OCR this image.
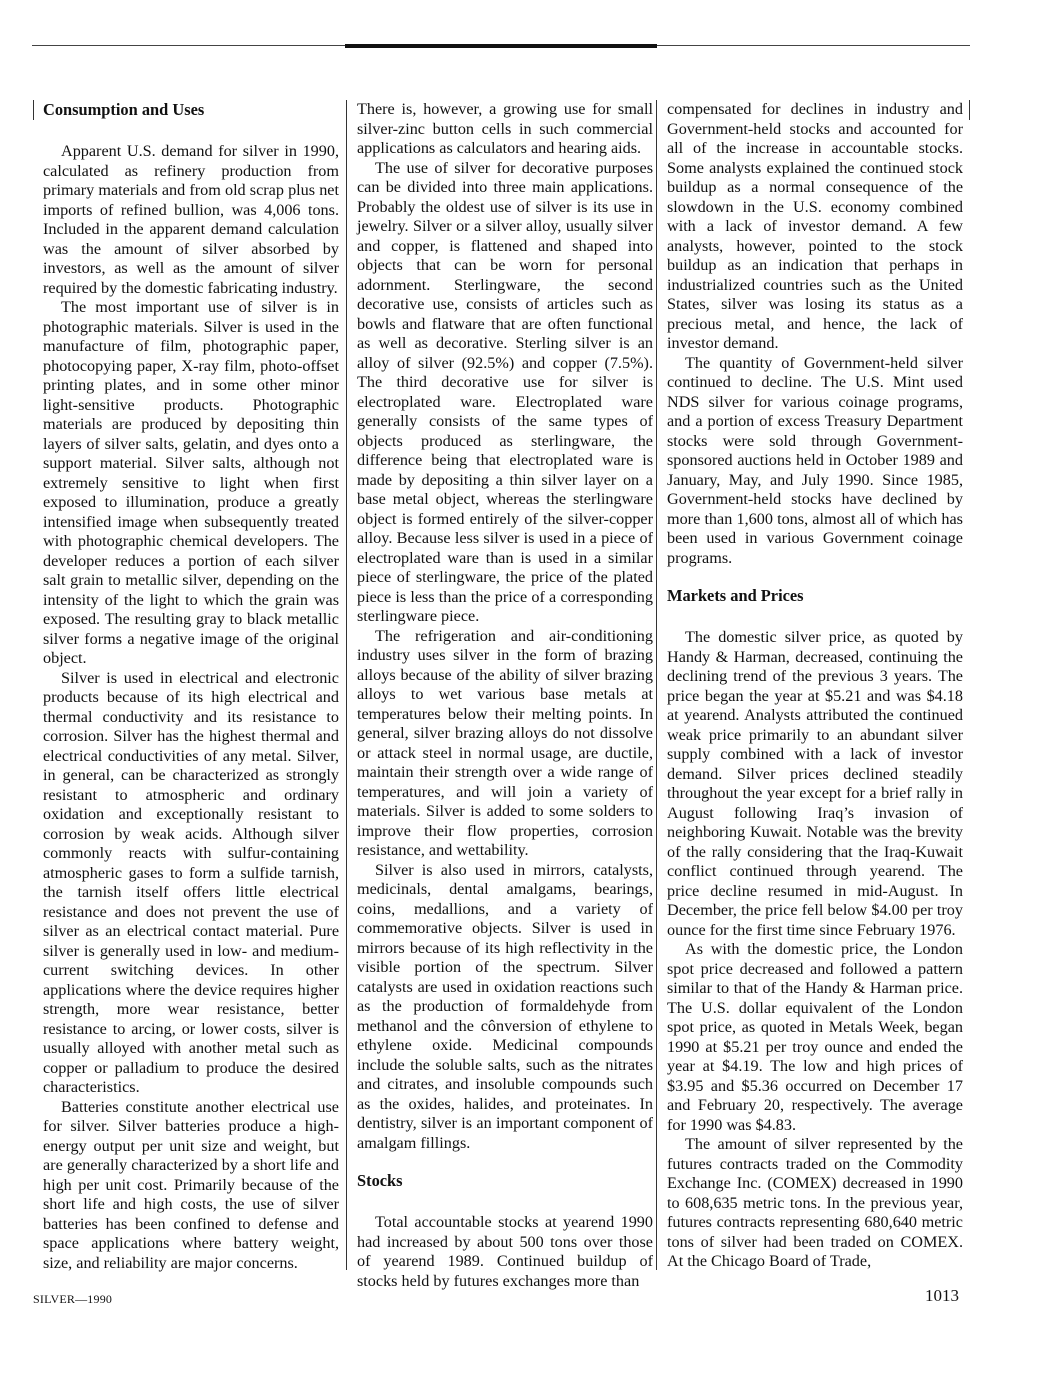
Consumption and Uses

Apparent U.S. demand for silver in 1990, calculated as refinery production from primary materials and from old scrap plus net imports of refined bullion, was 4,006 tons. Included in the apparent demand calculation was the amount of silver absorbed by investors, as well as the amount of silver required by the domestic fabricating industry.

The most important use of silver is in photographic materials. Silver is used in the manufacture of film, photographic paper, photocopying paper, X-ray film, photo-offset printing plates, and in some other minor light-sensitive products. Photographic materials are produced by depositing thin layers of silver salts, gelatin, and dyes onto a support material. Silver salts, although not extremely sensitive to light when first exposed to illumination, produce a greatly intensified image when subsequently treated with photographic chemical developers. The developer reduces a portion of each silver salt grain to metallic silver, depending on the intensity of the light to which the grain was exposed. The resulting gray to black metallic silver forms a negative image of the original object.

Silver is used in electrical and electronic products because of its high electrical and thermal conductivity and its resistance to corrosion. Silver has the highest thermal and electrical conductivities of any metal. Silver, in general, can be characterized as strongly resistant to atmospheric and ordinary oxidation and exceptionally resistant to corrosion by weak acids. Although silver commonly reacts with sulfur-containing atmospheric gases to form a sulfide tarnish, the tarnish itself offers little electrical resistance and does not prevent the use of silver as an electrical contact material. Pure silver is generally used in low- and medium-current switching devices. In other applications where the device requires higher strength, more wear resistance, better resistance to arcing, or lower costs, silver is usually alloyed with another metal such as copper or palladium to produce the desired characteristics.

Batteries constitute another electrical use for silver. Silver batteries produce a high-energy output per unit size and weight, but are generally characterized by a short life and high per unit cost. Primarily because of the short life and high costs, the use of silver batteries has been confined to defense and space applications where battery weight, size, and reliability are major concerns.

There is, however, a growing use for small silver-zinc button cells in such commercial applications as calculators and hearing aids.

The use of silver for decorative purposes can be divided into three main applications. Probably the oldest use of silver is its use in jewelry. Silver or a silver alloy, usually silver and copper, is flattened and shaped into objects that can be worn for personal adornment. Sterlingware, the second decorative use, consists of articles such as bowls and flatware that are often functional as well as decorative. Sterling silver is an alloy of silver (92.5%) and copper (7.5%). The third decorative use for silver is electroplated ware. Electroplated ware generally consists of the same types of objects produced as sterlingware, the difference being that electroplated ware is made by depositing a thin silver layer on a base metal object, whereas the sterlingware object is formed entirely of the silver-copper alloy. Because less silver is used in a piece of electroplated ware than is used in a similar piece of sterlingware, the price of the plated piece is less than the price of a corresponding sterlingware piece.

The refrigeration and air-conditioning industry uses silver in the form of brazing alloys because of the ability of silver brazing alloys to wet various base metals at temperatures below their melting points. In general, silver brazing alloys do not dissolve or attack steel in normal usage, are ductile, maintain their strength over a wide range of temperatures, and will join a variety of materials. Silver is added to some solders to improve their flow properties, corrosion resistance, and wettability.

Silver is also used in mirrors, catalysts, medicinals, dental amalgams, bearings, coins, medallions, and a variety of commemorative objects. Silver is used in mirrors because of its high reflectivity in the visible portion of the spectrum. Silver catalysts are used in oxidation reactions such as the production of formaldehyde from methanol and the cônversion of ethylene to ethylene oxide. Medicinal compounds include the soluble salts, such as the nitrates and citrates, and insoluble compounds such as the oxides, halides, and proteinates. In dentistry, silver is an important component of amalgam fillings.

Stocks

Total accountable stocks at yearend 1990 had increased by about 500 tons over those of yearend 1989. Continued buildup of stocks held by futures exchanges more than

compensated for declines in industry and Government-held stocks and accounted for all of the increase in accountable stocks. Some analysts explained the continued stock buildup as a normal consequence of the slowdown in the U.S. economy combined with a lack of investor demand. A few analysts, however, pointed to the stock buildup as an indication that perhaps in industrialized countries such as the United States, silver was losing its status as a precious metal, and hence, the lack of investor demand.

The quantity of Government-held silver continued to decline. The U.S. Mint used NDS silver for various coinage programs, and a portion of excess Treasury Department stocks were sold through Government-sponsored auctions held in October 1989 and January, May, and July 1990. Since 1985, Government-held stocks have declined by more than 1,600 tons, almost all of which has been used in various Government coinage programs.

Markets and Prices

The domestic silver price, as quoted by Handy & Harman, decreased, continuing the declining trend of the previous 3 years. The price began the year at $5.21 and was $4.18 at yearend. Analysts attributed the continued weak price primarily to an abundant silver supply combined with a lack of investor demand. Silver prices declined steadily throughout the year except for a brief rally in August following Iraq’s invasion of neighboring Kuwait. Notable was the brevity of the rally considering that the Iraq-Kuwait conflict continued through yearend. The price decline resumed in mid-August. In December, the price fell below $4.00 per troy ounce for the first time since February 1976.

As with the domestic price, the London spot price decreased and followed a pattern similar to that of the Handy & Harman price. The U.S. dollar equivalent of the London spot price, as quoted in Metals Week, began 1990 at $5.21 per troy ounce and ended the year at $4.19. The low and high prices of $3.95 and $5.36 occurred on December 17 and February 20, respectively. The average for 1990 was $4.83.

The amount of silver represented by the futures contracts traded on the Commodity Exchange Inc. (COMEX) decreased in 1990 to 608,635 metric tons. In the previous year, futures contracts representing 680,640 metric tons of silver had been traded on COMEX. At the Chicago Board of Trade,

SILVER—1990	1013
